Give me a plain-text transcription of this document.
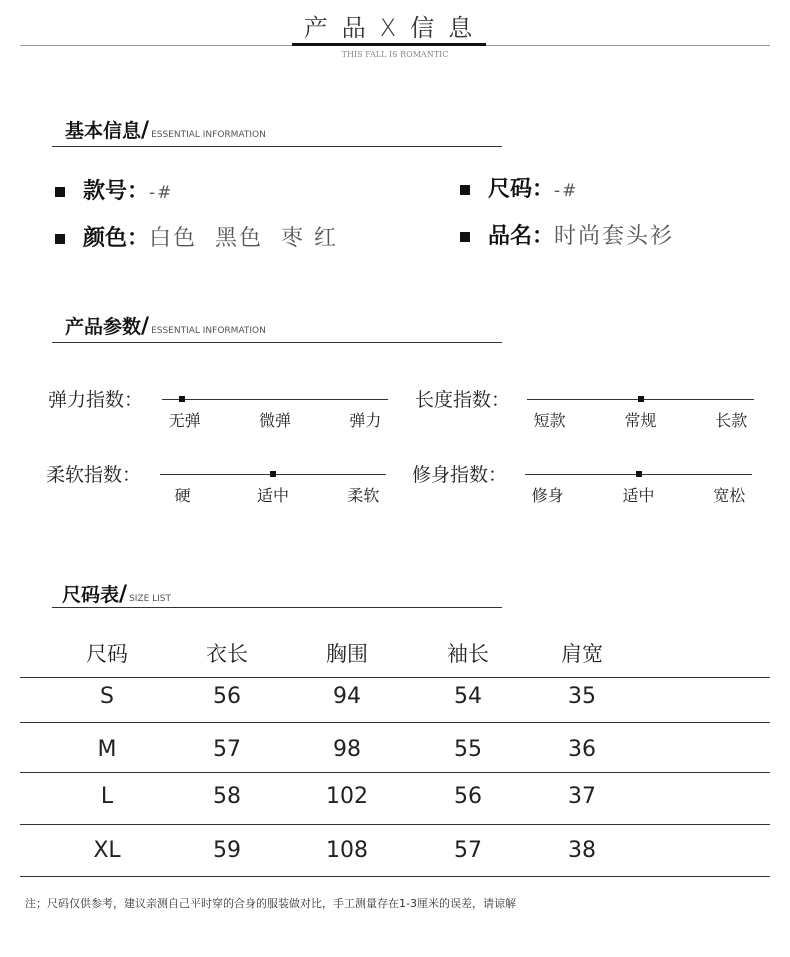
产品X信息
THIS FALL IS ROMANTIC
基本信息/ ESSENTIAL INFORMATION
款号：-#	尺码：-#
颜色：白色  黑色  枣 红	品名：时尚套头衫
产品参数/ ESSENTIAL INFORMATION
弹力指数：
无弹	微弹	弹力
长度指数：
短款	常规	长款
柔软指数：
硬	适中	柔软
修身指数：
修身	适中	宽松
尺码表/ SIZE LIST
尺码	衣长	胸围	袖长	肩宽
S	56	94	54	35
M	57	98	55	36
L	58	102	56	37
XL	59	108	57	38
注；尺码仅供参考，建议亲测自己平时穿的合身的服装做对比，手工测量存在1-3厘米的误差，请谅解
